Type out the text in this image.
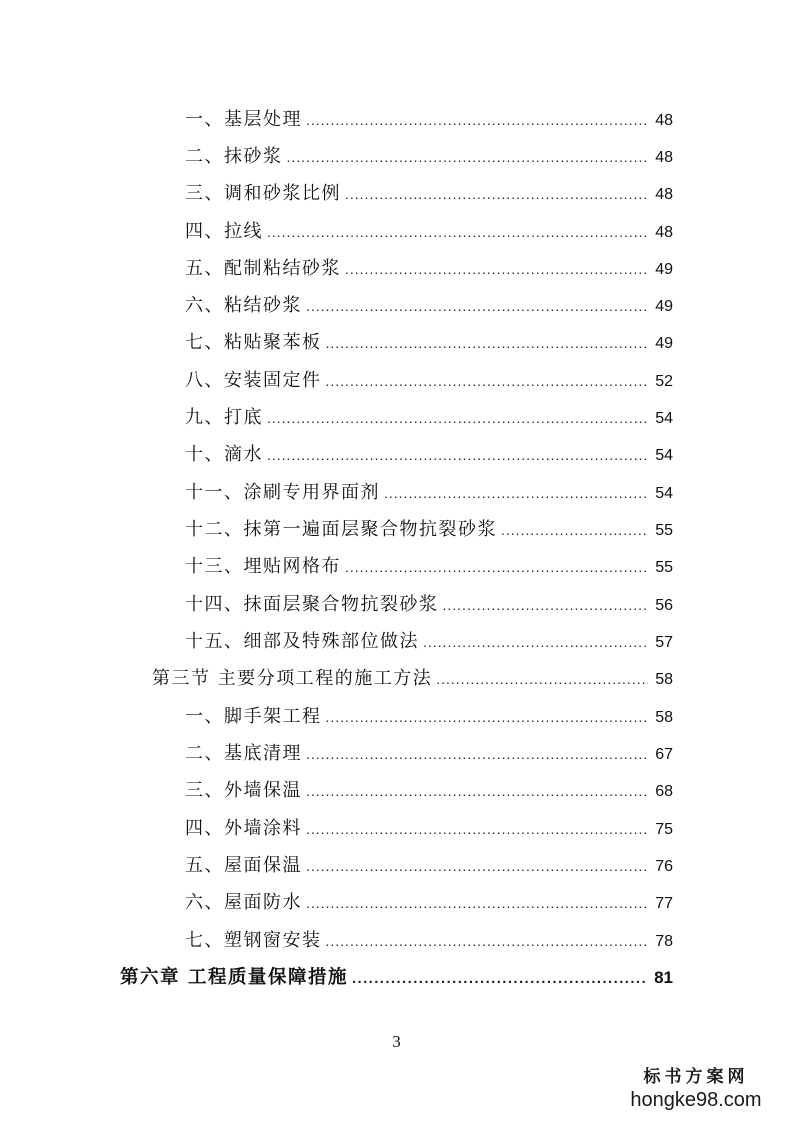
一、基层处理 .....	48
二、抹砂浆 .....	48
三、调和砂浆比例 .....	48
四、拉线 .....	48
五、配制粘结砂浆 .....	49
六、粘结砂浆 .....	49
七、粘贴聚苯板 .....	49
八、安装固定件 .....	52
九、打底 .....	54
十、滴水 .....	54
十一、涂刷专用界面剂 .....	54
十二、抹第一遍面层聚合物抗裂砂浆 .....	55
十三、埋贴网格布 .....	55
十四、抹面层聚合物抗裂砂浆 .....	56
十五、细部及特殊部位做法 .....	57
第三节 主要分项工程的施工方法 .....	58
一、脚手架工程 .....	58
二、基底清理 .....	67
三、外墙保温 .....	68
四、外墙涂料 .....	75
五、屋面保温 .....	76
六、屋面防水 .....	77
七、塑钢窗安装 .....	78
第六章 工程质量保障措施 .....	81
3
标书方案网
hongke98.com
